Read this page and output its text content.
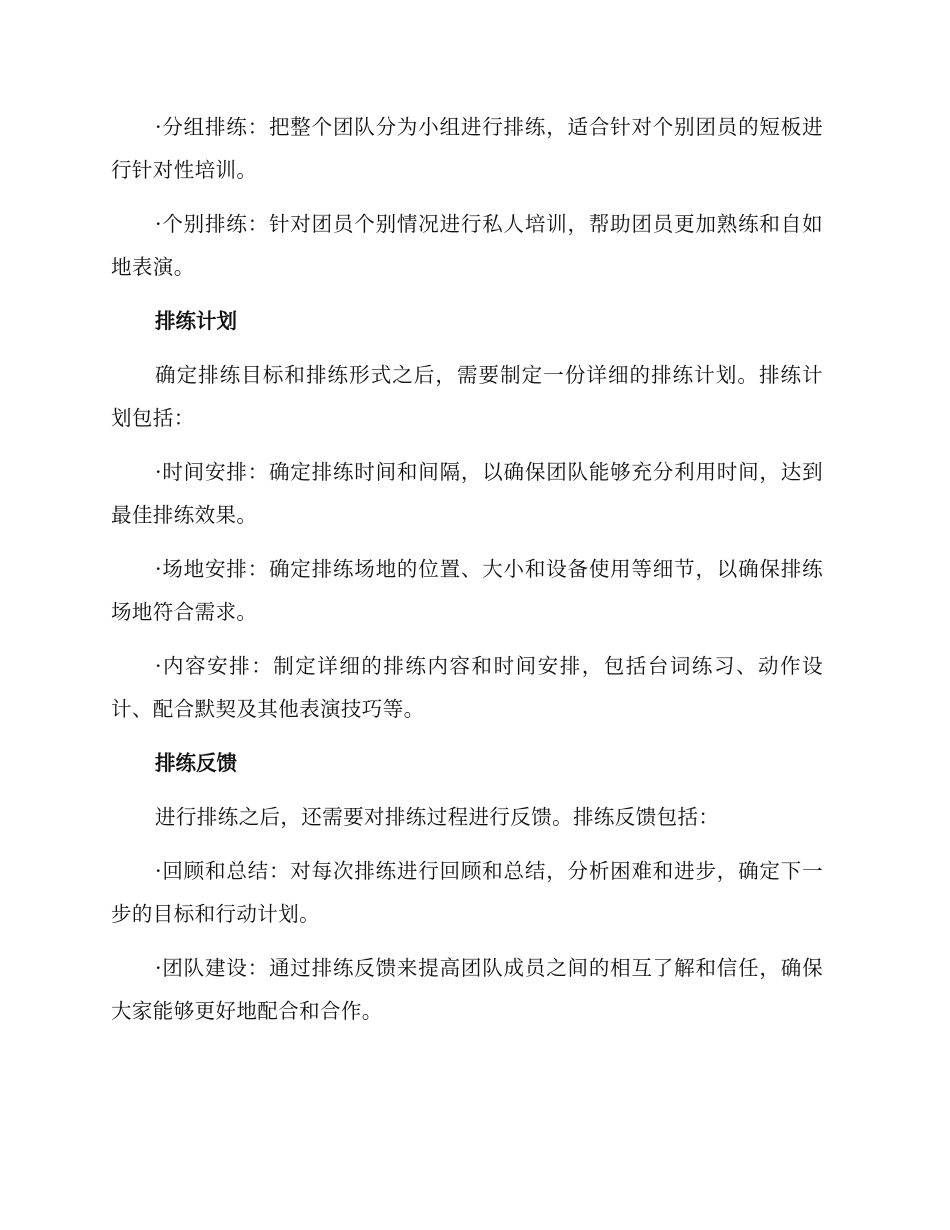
·分组排练：把整个团队分为小组进行排练，适合针对个别团员的短板进行针对性培训。

·个别排练：针对团员个别情况进行私人培训，帮助团员更加熟练和自如地表演。

排练计划

确定排练目标和排练形式之后，需要制定一份详细的排练计划。排练计划包括：

·时间安排：确定排练时间和间隔，以确保团队能够充分利用时间，达到最佳排练效果。

·场地安排：确定排练场地的位置、大小和设备使用等细节，以确保排练场地符合需求。

·内容安排：制定详细的排练内容和时间安排，包括台词练习、动作设计、配合默契及其他表演技巧等。

排练反馈

进行排练之后，还需要对排练过程进行反馈。排练反馈包括：

·回顾和总结：对每次排练进行回顾和总结，分析困难和进步，确定下一步的目标和行动计划。

·团队建设：通过排练反馈来提高团队成员之间的相互了解和信任，确保大家能够更好地配合和合作。
